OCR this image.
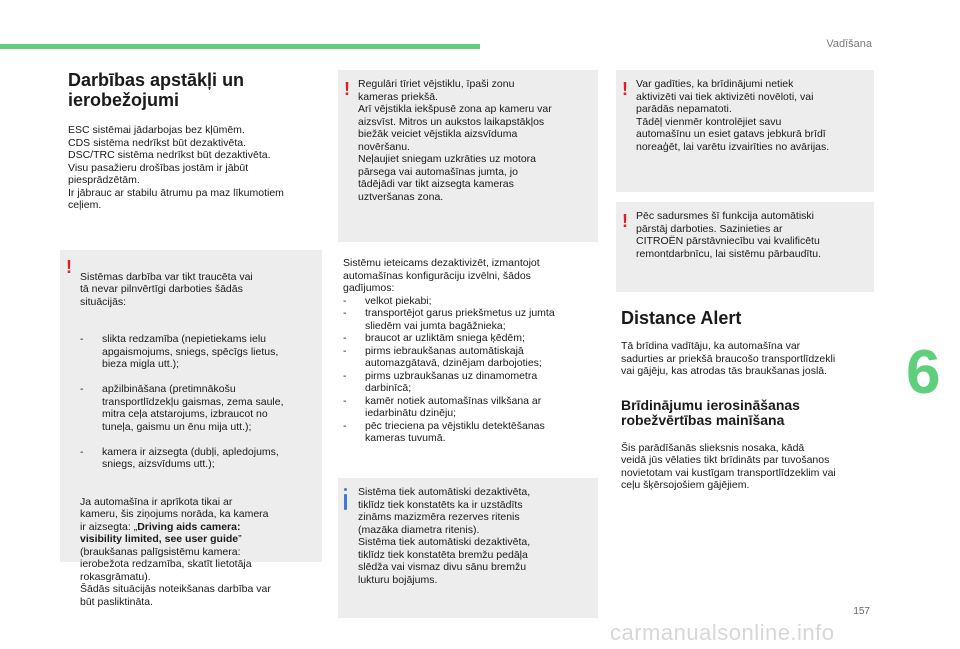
Vadīšana
6
157
carmanualsonline.info
Darbības apstākļi un
ierobežojumi

ESC sistēmai jādarbojas bez kļūmēm.
CDS sistēma nedrīkst būt dezaktivēta.
DSC/TRC sistēma nedrīkst būt dezaktivēta.
Visu pasažieru drošības jostām ir jābūt
piesprādzētām.
Ir jābrauc ar stabilu ātrumu pa maz līkumotiem
ceļiem.

! Sistēmas darbība var tikt traucēta vai
tā nevar pilnvērtīgi darboties šādās
situācijās:

- slikta redzamība (nepietiekams ielu
apgaismojums, sniegs, spēcīgs lietus,
bieza migla utt.);

- apžilbināšana (pretimnākošu
transportlīdzekļu gaismas, zema saule,
mitra ceļa atstarojums, izbraucot no
tuneļa, gaismu un ēnu mija utt.);

- kamera ir aizsegta (dubļi, apledojums,
sniegs, aizsvīdums utt.);

Ja automašīna ir aprīkota tikai ar
kameru, šis ziņojums norāda, ka kamera
ir aizsegta: „Driving aids camera:
visibility limited, see user guide”
(braukšanas palīgsistēmu kamera:
ierobežota redzamība, skatīt lietotāja
rokasgrāmatu).
Šādās situācijās noteikšanas darbība var
būt pasliktināta.

! Regulāri tīriet vējstiklu, īpaši zonu
kameras priekšā.
Arī vējstikla iekšpusē zona ap kameru var
aizsvīst. Mitros un aukstos laikapstākļos
biežāk veiciet vējstikla aizsvīduma
novēršanu.
Neļaujiet sniegam uzkrāties uz motora
pārsega vai automašīnas jumta, jo
tādējādi var tikt aizsegta kameras
uztveršanas zona.

Sistēmu ieteicams dezaktivizēt, izmantojot
automašīnas konfigurāciju izvēlni, šādos
gadījumos:

- velkot piekabi;
- transportējot garus priekšmetus uz jumta
sliedēm vai jumta bagāžnieka;
- braucot ar uzliktām sniega ķēdēm;
- pirms iebraukšanas automātiskajā
automazgātavā, dzinējam darbojoties;
- pirms uzbraukšanas uz dinamometra
darbinīcā;
- kamēr notiek automašīnas vilkšana ar
iedarbinātu dzinēju;
- pēc trieciena pa vējstiklu detektēšanas
kameras tuvumā.

Sistēma tiek automātiski dezaktivēta,
tiklīdz tiek konstatēts ka ir uzstādīts
zināms mazizmēra rezerves ritenis
(mazāka diametra ritenis).
Sistēma tiek automātiski dezaktivēta,
tiklīdz tiek konstatēta bremžu pedāļa
slēdža vai vismaz divu sānu bremžu
lukturu bojājums.

! Var gadīties, ka brīdinājumi netiek
aktivizēti vai tiek aktivizēti novēloti, vai
parādās nepamatoti.
Tādēļ vienmēr kontrolējiet savu
automašīnu un esiet gatavs jebkurā brīdī
noreaģēt, lai varētu izvairīties no avārijas.

! Pēc sadursmes šī funkcija automātiski
pārstāj darboties. Sazinieties ar
CITROËN pārstāvniecību vai kvalificētu
remontdarbnīcu, lai sistēmu pārbaudītu.

Distance Alert

Tā brīdina vadītāju, ka automašīna var
sadurties ar priekšā braucošo transportlīdzekli
vai gājēju, kas atrodas tās braukšanas joslā.

Brīdinājumu ierosināšanas
robežvērtības mainīšana

Šis parādīšanās slieksnis nosaka, kādā
veidā jūs vēlaties tikt brīdināts par tuvošanos
novietotam vai kustīgam transportlīdzeklim vai
ceļu šķērsojošiem gājējiem.
